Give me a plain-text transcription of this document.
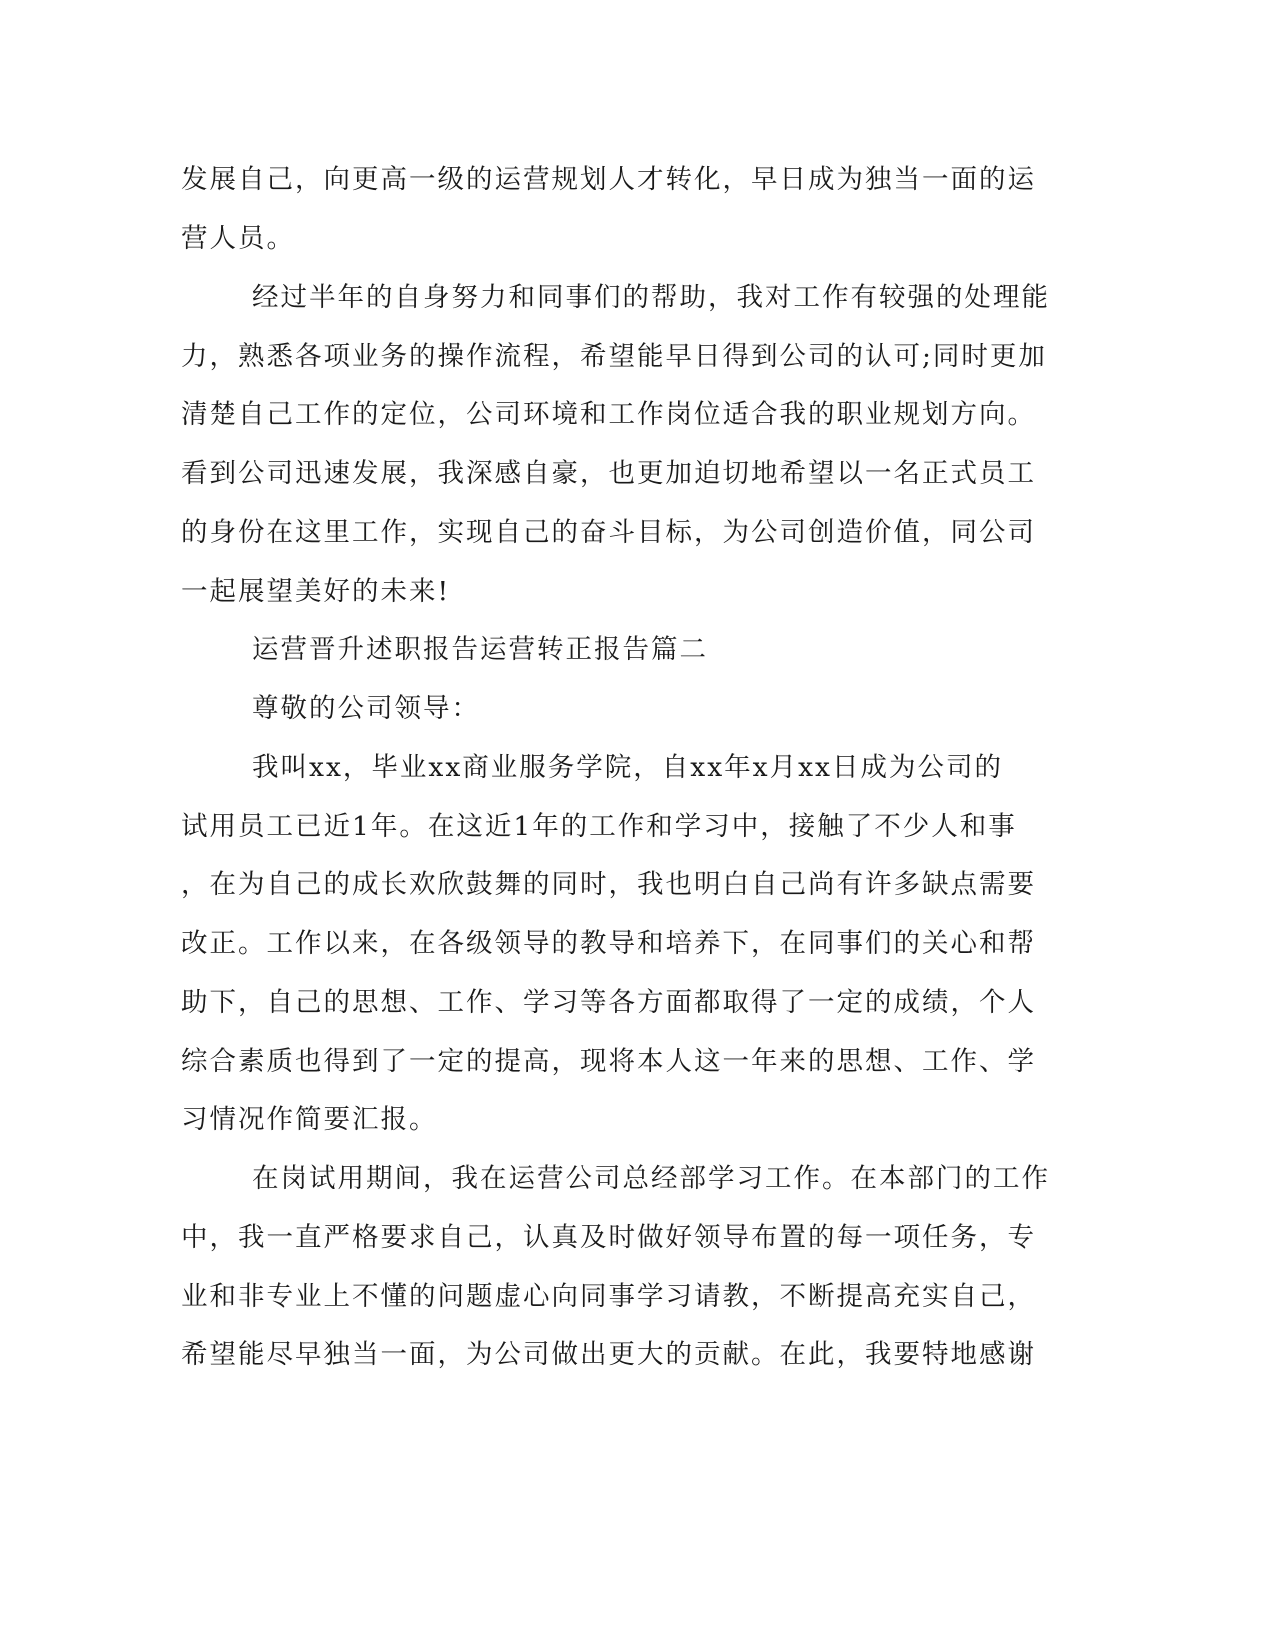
发展自己，向更高一级的运营规划人才转化，早日成为独当一面的运

营人员。

经过半年的自身努力和同事们的帮助，我对工作有较强的处理能

力，熟悉各项业务的操作流程，希望能早日得到公司的认可;同时更加

清楚自己工作的定位，公司环境和工作岗位适合我的职业规划方向。

看到公司迅速发展，我深感自豪，也更加迫切地希望以一名正式员工

的身份在这里工作，实现自己的奋斗目标，为公司创造价值，同公司

一起展望美好的未来!

运营晋升述职报告运营转正报告篇二

尊敬的公司领导：

我叫xx，毕业xx商业服务学院，自xx年x月xx日成为公司的

试用员工已近1年。在这近1年的工作和学习中，接触了不少人和事

，在为自己的成长欢欣鼓舞的同时，我也明白自己尚有许多缺点需要

改正。工作以来，在各级领导的教导和培养下，在同事们的关心和帮

助下，自己的思想、工作、学习等各方面都取得了一定的成绩，个人

综合素质也得到了一定的提高，现将本人这一年来的思想、工作、学

习情况作简要汇报。

在岗试用期间，我在运营公司总经部学习工作。在本部门的工作

中，我一直严格要求自己，认真及时做好领导布置的每一项任务，专

业和非专业上不懂的问题虚心向同事学习请教，不断提高充实自己，

希望能尽早独当一面，为公司做出更大的贡献。在此，我要特地感谢
